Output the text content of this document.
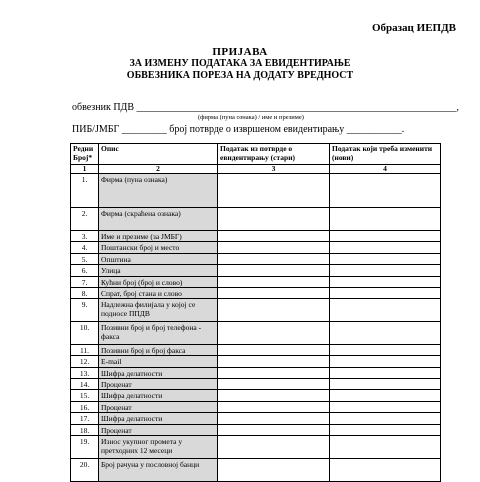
Образац ИЕПДВ
ПРИЈАВА
ЗА ИЗМЕНУ ПОДАТАКА ЗА ЕВИДЕНТИРАЊЕ
ОБВЕЗНИКА ПОРЕЗА НА ДОДАТУ ВРЕДНОСТ
обвезник ПДВ ________________________________________________________________,
(фирма (пуна ознака) / име и презиме)
ПИБ/ЈМБГ _________ број потврде о извршеном евидентирању ___________.
Редни Број*	Опис	Податак из потврде о евидентирању (стари)	Податак који треба изменити (нови)
1	2	3	4
1.	Фирма (пуна ознака)		
2.	Фирма (скраћена ознака)		
3.	Име и презиме (за ЈМБГ)		
4.	Поштански број и место		
5.	Општина		
6.	Улица		
7.	Кућни број (број и слово)		
8.	Спрат, број стана и слово		
9.	Надлежна филијала у којој се подносе ППДВ		
10.	Позивни број и број телефона - факса		
11.	Позивни број и број факса		
12.	E-mail		
13.	Шифра делатности		
14.	Проценат		
15.	Шифра делатности		
16.	Проценат		
17.	Шифра делатности		
18.	Проценат		
19.	Износ укупног промета у претходних 12 месеци		
20.	Број рачуна у пословној банци		
